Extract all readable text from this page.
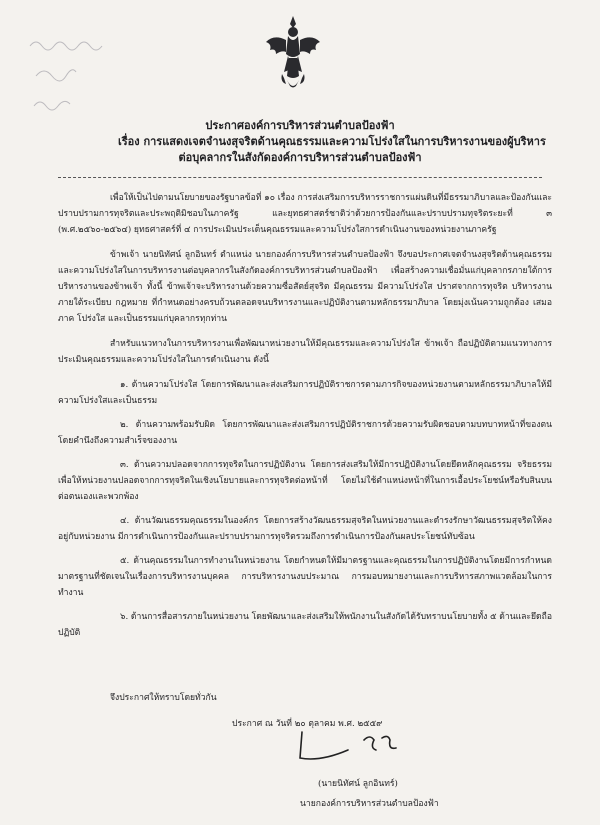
ประกาศองค์การบริหารส่วนตำบลป้องฟ้า
เรื่อง การแสดงเจตจำนงสุจริตด้านคุณธรรมและความโปร่งใสในการบริหารงานของผู้บริหาร
ต่อบุคลากรในสังกัดองค์การบริหารส่วนตำบลป้องฟ้า

เพื่อให้เป็นไปตามนโยบายของรัฐบาลข้อที่ ๑๐ เรื่อง การส่งเสริมการบริหารราชการแผ่นดินที่มีธรรมาภิบาลและป้องกันและปราบปรามการทุจริตและประพฤติมิชอบในภาครัฐ และยุทธศาสตร์ชาติว่าด้วยการป้องกันและปราบปรามทุจริตระยะที่ ๓ (พ.ศ.๒๕๖๐-๒๕๖๔) ยุทธศาสตร์ที่ ๔ การประเมินประเด็นคุณธรรมและความโปร่งใสการดำเนินงานของหน่วยงานภาครัฐ

ข้าพเจ้า นายนิทัศน์ ลูกอินทร์ ตำแหน่ง นายกองค์การบริหารส่วนตำบลป้องฟ้า จึงขอประกาศเจตจำนงสุจริตด้านคุณธรรมและความโปร่งใสในการบริหารงานต่อบุคลากรในสังกัดองค์การบริหารส่วนตำบลป้องฟ้า เพื่อสร้างความเชื่อมั่นแก่บุคลากรภายใต้การบริหารงานของข้าพเจ้า ทั้งนี้ ข้าพเจ้าจะบริหารงานด้วยความซื่อสัตย์สุจริต มีคุณธรรม มีความโปร่งใส ปราศจากการทุจริต บริหารงานภายใต้ระเบียบ กฎหมาย ที่กำหนดอย่างครบถ้วนตลอดจนบริหารงานและปฏิบัติงานตามหลักธรรมาภิบาล โดยมุ่งเน้นความถูกต้อง เสมอภาค โปร่งใส และเป็นธรรมแก่บุคลากรทุกท่าน

สำหรับแนวทางในการบริหารงานเพื่อพัฒนาหน่วยงานให้มีคุณธรรมและความโปร่งใส ข้าพเจ้า ถือปฏิบัติตามแนวทางการประเมินคุณธรรมและความโปร่งใสในการดำเนินงาน ดังนี้

๑. ด้านความโปร่งใส โดยการพัฒนาและส่งเสริมการปฏิบัติราชการตามภารกิจของหน่วยงานตามหลักธรรมาภิบาลให้มีความโปร่งใสและเป็นธรรม

๒. ด้านความพร้อมรับผิด โดยการพัฒนาและส่งเสริมการปฏิบัติราชการด้วยความรับผิดชอบตามบทบาทหน้าที่ของตนโดยคำนึงถึงความสำเร็จของงาน

๓. ด้านความปลอดจากการทุจริตในการปฏิบัติงาน โดยการส่งเสริมให้มีการปฏิบัติงานโดยยึดหลักคุณธรรม จริยธรรม เพื่อให้หน่วยงานปลอดจากการทุจริตในเชิงนโยบายและการทุจริตต่อหน้าที่ โดยไม่ใช้ตำแหน่งหน้าที่ในการเอื้อประโยชน์หรือรับสินบนต่อตนเองและพวกพ้อง

๔. ด้านวัฒนธรรมคุณธรรมในองค์กร โดยการสร้างวัฒนธรรมสุจริตในหน่วยงานและดำรงรักษาวัฒนธรรมสุจริตให้คงอยู่กับหน่วยงาน มีการดำเนินการป้องกันและปราบปรามการทุจริตรวมถึงการดำเนินการป้องกันผลประโยชน์ทับซ้อน

๕. ด้านคุณธรรมในการทำงานในหน่วยงาน โดยกำหนดให้มีมาตรฐานและคุณธรรมในการปฏิบัติงานโดยมีการกำหนดมาตรฐานที่ชัดเจนในเรื่องการบริหารงานบุคคล การบริหารงานงบประมาณ การมอบหมายงานและการบริหารสภาพแวดล้อมในการทำงาน

๖. ด้านการสื่อสารภายในหน่วยงาน โดยพัฒนาและส่งเสริมให้พนักงานในสังกัดได้รับทราบนโยบายทั้ง ๕ ด้านและยึดถือปฏิบัติ

จึงประกาศให้ทราบโดยทั่วกัน
ประกาศ ณ วันที่ ๒๐ ตุลาคม พ.ศ. ๒๕๕๙
(นายนิทัศน์ ลูกอินทร์)
นายกองค์การบริหารส่วนตำบลป้องฟ้า
